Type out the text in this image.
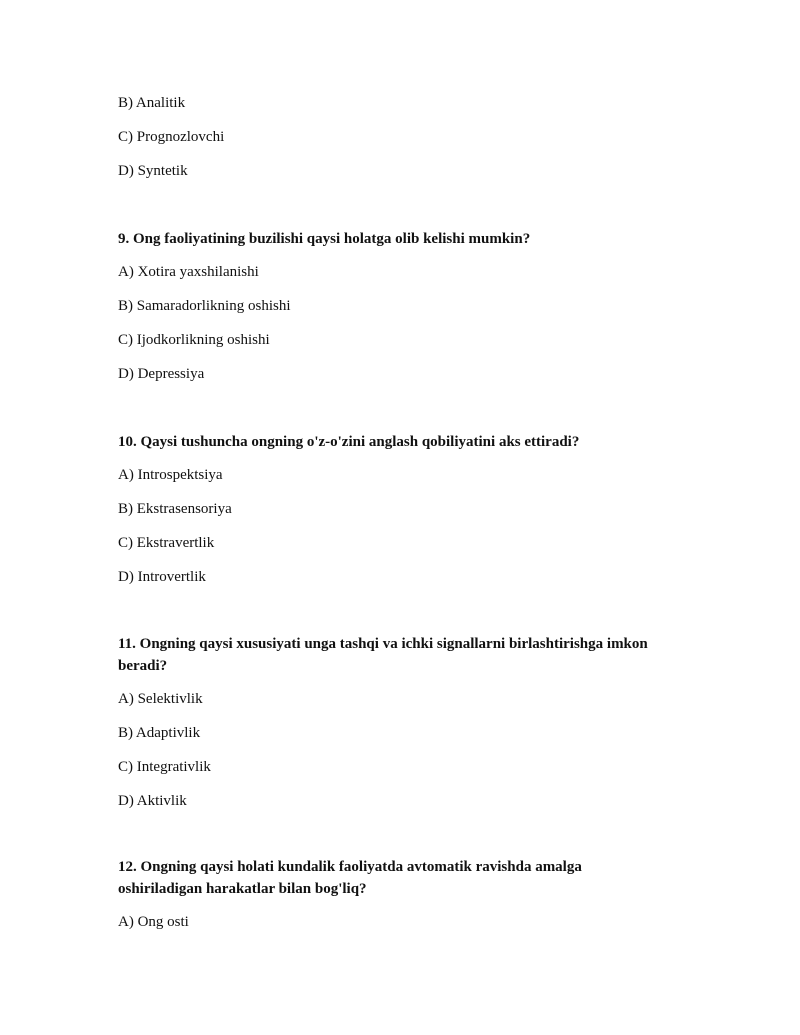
B) Analitik
C) Prognozlovchi
D) Syntetik
9. Ong faoliyatining buzilishi qaysi holatga olib kelishi mumkin?
A) Xotira yaxshilanishi
B) Samaradorlikning oshishi
C) Ijodkorlikning oshishi
D) Depressiya
10. Qaysi tushuncha ongning o'z-o'zini anglash qobiliyatini aks ettiradi?
A) Introspektsiya
B) Ekstrasensoriya
C) Ekstravertlik
D) Introvertlik
11. Ongning qaysi xususiyati unga tashqi va ichki signallarni birlashtirishga imkon
beradi?
A) Selektivlik
B) Adaptivlik
C) Integrativlik
D) Aktivlik
12. Ongning qaysi holati kundalik faoliyatda avtomatik ravishda amalga
oshiriladigan harakatlar bilan bog'liq?
A) Ong osti
